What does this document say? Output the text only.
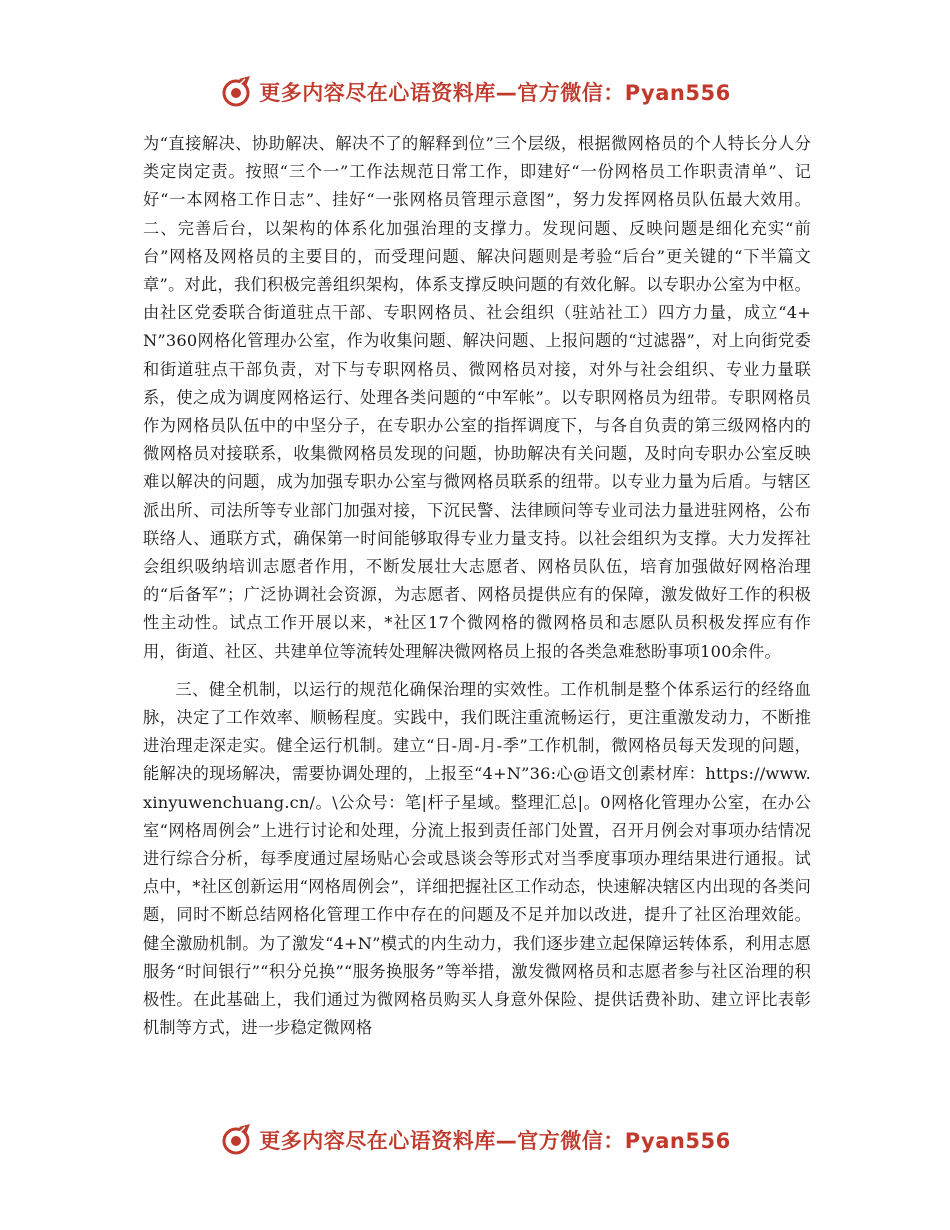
更多内容尽在心语资料库—官方微信：Pyan556

为“直接解决、协助解决、解决不了的解释到位”三个层级，根据微网格员的个人特长分人分类定岗定责。按照“三个一”工作法规范日常工作，即建好“一份网格员工作职责清单”、记好“一本网格工作日志”、挂好“一张网格员管理示意图”，努力发挥网格员队伍最大效用。二、完善后台，以架构的体系化加强治理的支撑力。发现问题、反映问题是细化充实“前台”网格及网格员的主要目的，而受理问题、解决问题则是考验“后台”更关键的“下半篇文章”。对此，我们积极完善组织架构，体系支撑反映问题的有效化解。以专职办公室为中枢。由社区党委联合街道驻点干部、专职网格员、社会组织（驻站社工）四方力量，成立“4+N”360网格化管理办公室，作为收集问题、解决问题、上报问题的“过滤器”，对上向街党委和街道驻点干部负责，对下与专职网格员、微网格员对接，对外与社会组织、专业力量联系，使之成为调度网格运行、处理各类问题的“中军帐”。以专职网格员为纽带。专职网格员作为网格员队伍中的中坚分子，在专职办公室的指挥调度下，与各自负责的第三级网格内的微网格员对接联系，收集微网格员发现的问题，协助解决有关问题，及时向专职办公室反映难以解决的问题，成为加强专职办公室与微网格员联系的纽带。以专业力量为后盾。与辖区派出所、司法所等专业部门加强对接，下沉民警、法律顾问等专业司法力量进驻网格，公布联络人、通联方式，确保第一时间能够取得专业力量支持。以社会组织为支撑。大力发挥社会组织吸纳培训志愿者作用，不断发展壮大志愿者、网格员队伍，培育加强做好网格治理的“后备军”；广泛协调社会资源，为志愿者、网格员提供应有的保障，激发做好工作的积极性主动性。试点工作开展以来，*社区17个微网格的微网格员和志愿队员积极发挥应有作用，街道、社区、共建单位等流转处理解决微网格员上报的各类急难愁盼事项100余件。

三、健全机制，以运行的规范化确保治理的实效性。工作机制是整个体系运行的经络血脉，决定了工作效率、顺畅程度。实践中，我们既注重流畅运行，更注重激发动力，不断推进治理走深走实。健全运行机制。建立“日-周-月-季”工作机制，微网格员每天发现的问题，能解决的现场解决，需要协调处理的，上报至“4+N”36:心@语文创素材库：https://www.xinyuwenchuang.cn/。\公众号：笔|杆子星域。整理汇总|。0网格化管理办公室，在办公室“网格周例会”上进行讨论和处理，分流上报到责任部门处置，召开月例会对事项办结情况进行综合分析，每季度通过屋场贴心会或恳谈会等形式对当季度事项办理结果进行通报。试点中，*社区创新运用“网格周例会”，详细把握社区工作动态，快速解决辖区内出现的各类问题，同时不断总结网格化管理工作中存在的问题及不足并加以改进，提升了社区治理效能。健全激励机制。为了激发“4+N”模式的内生动力，我们逐步建立起保障运转体系，利用志愿服务“时间银行”“积分兑换”“服务换服务”等举措，激发微网格员和志愿者参与社区治理的积极性。在此基础上，我们通过为微网格员购买人身意外保险、提供话费补助、建立评比表彰机制等方式，进一步稳定微网格

更多内容尽在心语资料库—官方微信：Pyan556
